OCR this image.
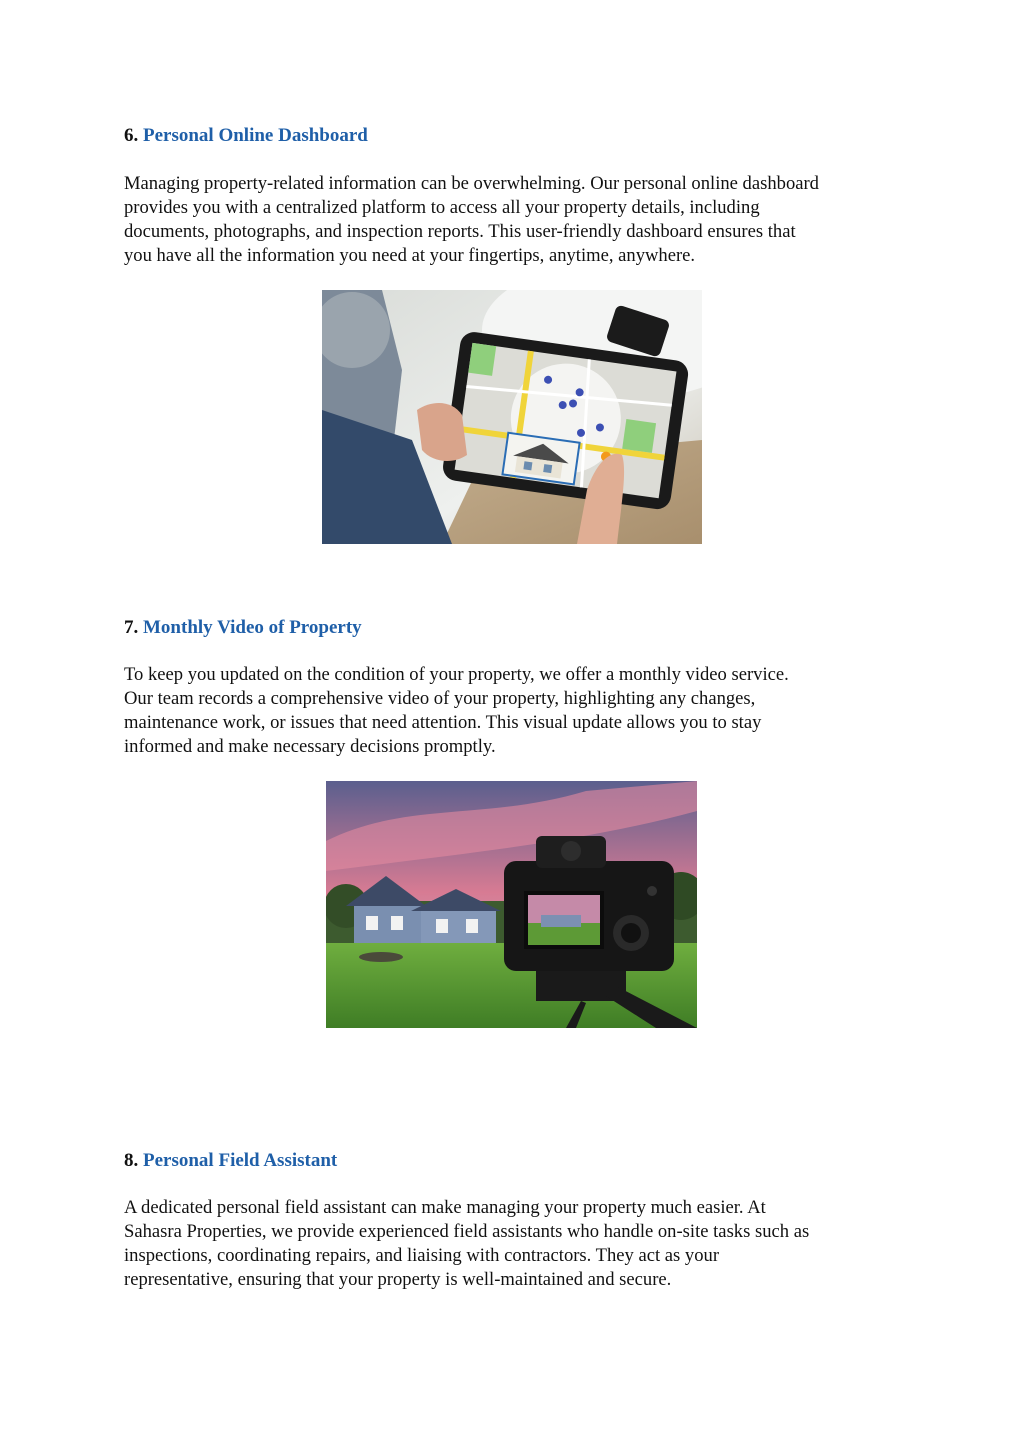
6. Personal Online Dashboard

Managing property-related information can be overwhelming. Our personal online dashboard
provides you with a centralized platform to access all your property details, including
documents, photographs, and inspection reports. This user-friendly dashboard ensures that
you have all the information you need at your fingertips, anytime, anywhere.

7. Monthly Video of Property

To keep you updated on the condition of your property, we offer a monthly video service.
Our team records a comprehensive video of your property, highlighting any changes,
maintenance work, or issues that need attention. This visual update allows you to stay
informed and make necessary decisions promptly.

8. Personal Field Assistant

A dedicated personal field assistant can make managing your property much easier. At
Sahasra Properties, we provide experienced field assistants who handle on-site tasks such as
inspections, coordinating repairs, and liaising with contractors. They act as your
representative, ensuring that your property is well-maintained and secure.
